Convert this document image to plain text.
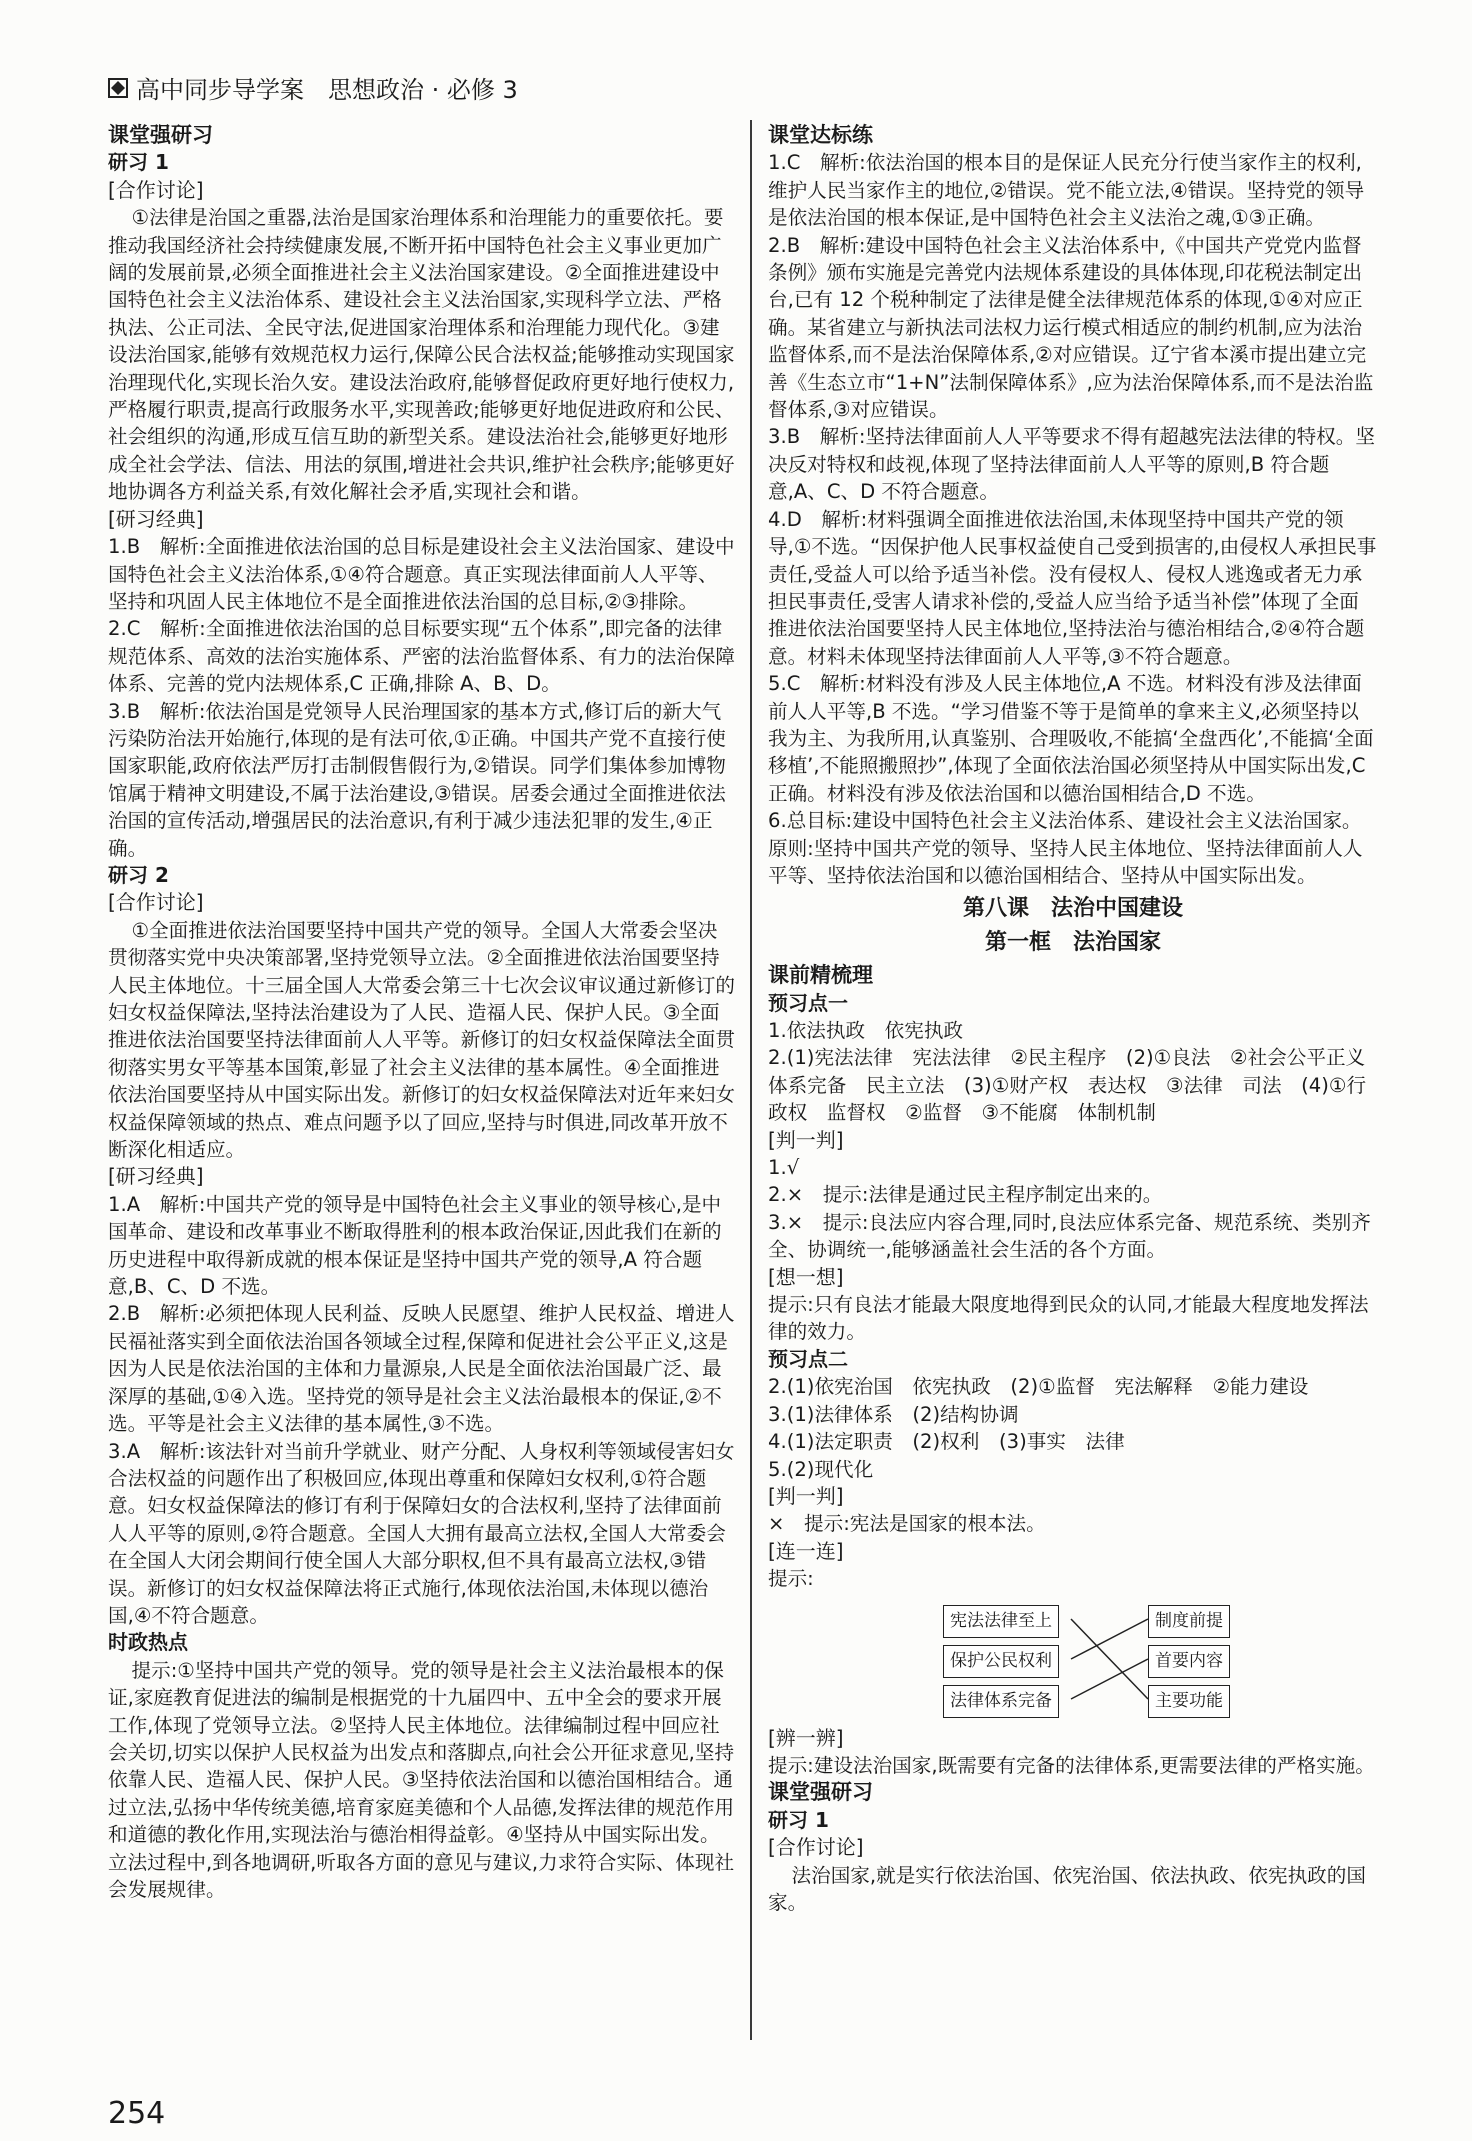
高中同步导学案　思想政治 · 必修 3
课堂强研习
研习 1
[合作讨论]
①法律是治国之重器,法治是国家治理体系和治理能力的重要依托。要推动我国经济社会持续健康发展,不断开拓中国特色社会主义事业更加广阔的发展前景,必须全面推进社会主义法治国家建设。②全面推进建设中国特色社会主义法治体系、建设社会主义法治国家,实现科学立法、严格执法、公正司法、全民守法,促进国家治理体系和治理能力现代化。③建设法治国家,能够有效规范权力运行,保障公民合法权益;能够推动实现国家治理现代化,实现长治久安。建设法治政府,能够督促政府更好地行使权力,严格履行职责,提高行政服务水平,实现善政;能够更好地促进政府和公民、社会组织的沟通,形成互信互助的新型关系。建设法治社会,能够更好地形成全社会学法、信法、用法的氛围,增进社会共识,维护社会秩序;能够更好地协调各方利益关系,有效化解社会矛盾,实现社会和谐。
[研习经典]
1.B　解析:全面推进依法治国的总目标是建设社会主义法治国家、建设中国特色社会主义法治体系,①④符合题意。真正实现法律面前人人平等、坚持和巩固人民主体地位不是全面推进依法治国的总目标,②③排除。
2.C　解析:全面推进依法治国的总目标要实现“五个体系”,即完备的法律规范体系、高效的法治实施体系、严密的法治监督体系、有力的法治保障体系、完善的党内法规体系,C 正确,排除 A、B、D。
3.B　解析:依法治国是党领导人民治理国家的基本方式,修订后的新大气污染防治法开始施行,体现的是有法可依,①正确。中国共产党不直接行使国家职能,政府依法严厉打击制假售假行为,②错误。同学们集体参加博物馆属于精神文明建设,不属于法治建设,③错误。居委会通过全面推进依法治国的宣传活动,增强居民的法治意识,有利于减少违法犯罪的发生,④正确。
研习 2
[合作讨论]
①全面推进依法治国要坚持中国共产党的领导。全国人大常委会坚决贯彻落实党中央决策部署,坚持党领导立法。②全面推进依法治国要坚持人民主体地位。十三届全国人大常委会第三十七次会议审议通过新修订的妇女权益保障法,坚持法治建设为了人民、造福人民、保护人民。③全面推进依法治国要坚持法律面前人人平等。新修订的妇女权益保障法全面贯彻落实男女平等基本国策,彰显了社会主义法律的基本属性。④全面推进依法治国要坚持从中国实际出发。新修订的妇女权益保障法对近年来妇女权益保障领域的热点、难点问题予以了回应,坚持与时俱进,同改革开放不断深化相适应。
[研习经典]
1.A　解析:中国共产党的领导是中国特色社会主义事业的领导核心,是中国革命、建设和改革事业不断取得胜利的根本政治保证,因此我们在新的历史进程中取得新成就的根本保证是坚持中国共产党的领导,A 符合题意,B、C、D 不选。
2.B　解析:必须把体现人民利益、反映人民愿望、维护人民权益、增进人民福祉落实到全面依法治国各领域全过程,保障和促进社会公平正义,这是因为人民是依法治国的主体和力量源泉,人民是全面依法治国最广泛、最深厚的基础,①④入选。坚持党的领导是社会主义法治最根本的保证,②不选。平等是社会主义法律的基本属性,③不选。
3.A　解析:该法针对当前升学就业、财产分配、人身权利等领域侵害妇女合法权益的问题作出了积极回应,体现出尊重和保障妇女权利,①符合题意。妇女权益保障法的修订有利于保障妇女的合法权利,坚持了法律面前人人平等的原则,②符合题意。全国人大拥有最高立法权,全国人大常委会在全国人大闭会期间行使全国人大部分职权,但不具有最高立法权,③错误。新修订的妇女权益保障法将正式施行,体现依法治国,未体现以德治国,④不符合题意。
时政热点
提示:①坚持中国共产党的领导。党的领导是社会主义法治最根本的保证,家庭教育促进法的编制是根据党的十九届四中、五中全会的要求开展工作,体现了党领导立法。②坚持人民主体地位。法律编制过程中回应社会关切,切实以保护人民权益为出发点和落脚点,向社会公开征求意见,坚持依靠人民、造福人民、保护人民。③坚持依法治国和以德治国相结合。通过立法,弘扬中华传统美德,培育家庭美德和个人品德,发挥法律的规范作用和道德的教化作用,实现法治与德治相得益彰。④坚持从中国实际出发。立法过程中,到各地调研,听取各方面的意见与建议,力求符合实际、体现社会发展规律。
课堂达标练
1.C　解析:依法治国的根本目的是保证人民充分行使当家作主的权利,维护人民当家作主的地位,②错误。党不能立法,④错误。坚持党的领导是依法治国的根本保证,是中国特色社会主义法治之魂,①③正确。
2.B　解析:建设中国特色社会主义法治体系中,《中国共产党党内监督条例》颁布实施是完善党内法规体系建设的具体体现,印花税法制定出台,已有 12 个税种制定了法律是健全法律规范体系的体现,①④对应正确。某省建立与新执法司法权力运行模式相适应的制约机制,应为法治监督体系,而不是法治保障体系,②对应错误。辽宁省本溪市提出建立完善《生态立市“1+N”法制保障体系》,应为法治保障体系,而不是法治监督体系,③对应错误。
3.B　解析:坚持法律面前人人平等要求不得有超越宪法法律的特权。坚决反对特权和歧视,体现了坚持法律面前人人平等的原则,B 符合题意,A、C、D 不符合题意。
4.D　解析:材料强调全面推进依法治国,未体现坚持中国共产党的领导,①不选。“因保护他人民事权益使自己受到损害的,由侵权人承担民事责任,受益人可以给予适当补偿。没有侵权人、侵权人逃逸或者无力承担民事责任,受害人请求补偿的,受益人应当给予适当补偿”体现了全面推进依法治国要坚持人民主体地位,坚持法治与德治相结合,②④符合题意。材料未体现坚持法律面前人人平等,③不符合题意。
5.C　解析:材料没有涉及人民主体地位,A 不选。材料没有涉及法律面前人人平等,B 不选。“学习借鉴不等于是简单的拿来主义,必须坚持以我为主、为我所用,认真鉴别、合理吸收,不能搞‘全盘西化’,不能搞‘全面移植’,不能照搬照抄”,体现了全面依法治国必须坚持从中国实际出发,C 正确。材料没有涉及依法治国和以德治国相结合,D 不选。
6.总目标:建设中国特色社会主义法治体系、建设社会主义法治国家。
原则:坚持中国共产党的领导、坚持人民主体地位、坚持法律面前人人平等、坚持依法治国和以德治国相结合、坚持从中国实际出发。
第八课　法治中国建设
第一框　法治国家
课前精梳理
预习点一
1.依法执政　依宪执政
2.(1)宪法法律　宪法法律　②民主程序　(2)①良法　②社会公平正义　体系完备　民主立法　(3)①财产权　表达权　③法律　司法　(4)①行政权　监督权　②监督　③不能腐　体制机制
[判一判]
1.√
2.×　提示:法律是通过民主程序制定出来的。
3.×　提示:良法应内容合理,同时,良法应体系完备、规范系统、类别齐全、协调统一,能够涵盖社会生活的各个方面。
[想一想]
提示:只有良法才能最大限度地得到民众的认同,才能最大程度地发挥法律的效力。
预习点二
2.(1)依宪治国　依宪执政　(2)①监督　宪法解释　②能力建设
3.(1)法律体系　(2)结构协调
4.(1)法定职责　(2)权利　(3)事实　法律
5.(2)现代化
[判一判]
×　提示:宪法是国家的根本法。
[连一连]
提示:
宪法法律至上
保护公民权利
法律体系完备
制度前提
首要内容
主要功能
[辨一辨]
提示:建设法治国家,既需要有完备的法律体系,更需要法律的严格实施。
课堂强研习
研习 1
[合作讨论]
法治国家,就是实行依法治国、依宪治国、依法执政、依宪执政的国家。
254
